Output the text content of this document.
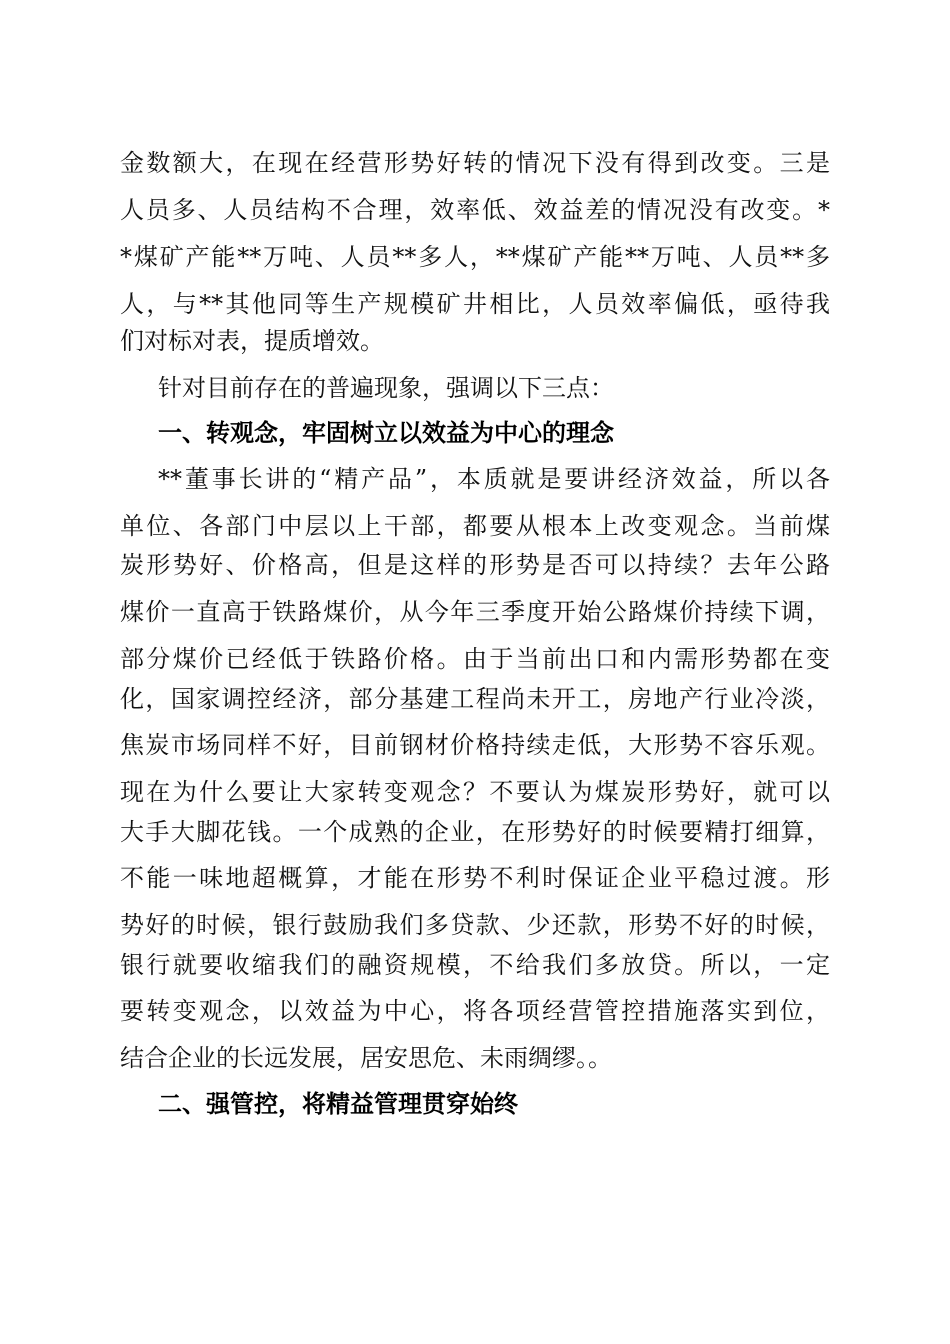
金数额大，在现在经营形势好转的情况下没有得到改变。三是
人员多、人员结构不合理，效率低、效益差的情况没有改变。*
*煤矿产能**万吨、人员**多人，**煤矿产能**万吨、人员**多
人，与**其他同等生产规模矿井相比，人员效率偏低，亟待我
们对标对表，提质增效。
针对目前存在的普遍现象，强调以下三点：
一、转观念，牢固树立以效益为中心的理念
**董事长讲的“精产品”，本质就是要讲经济效益，所以各
单位、各部门中层以上干部，都要从根本上改变观念。当前煤
炭形势好、价格高，但是这样的形势是否可以持续？去年公路
煤价一直高于铁路煤价，从今年三季度开始公路煤价持续下调，
部分煤价已经低于铁路价格。由于当前出口和内需形势都在变
化，国家调控经济，部分基建工程尚未开工，房地产行业冷淡，
焦炭市场同样不好，目前钢材价格持续走低，大形势不容乐观。
现在为什么要让大家转变观念？不要认为煤炭形势好，就可以
大手大脚花钱。一个成熟的企业，在形势好的时候要精打细算，
不能一味地超概算，才能在形势不利时保证企业平稳过渡。形
势好的时候，银行鼓励我们多贷款、少还款，形势不好的时候，
银行就要收缩我们的融资规模，不给我们多放贷。所以，一定
要转变观念，以效益为中心，将各项经营管控措施落实到位，
结合企业的长远发展，居安思危、未雨绸缪。。
二、强管控，将精益管理贯穿始终
